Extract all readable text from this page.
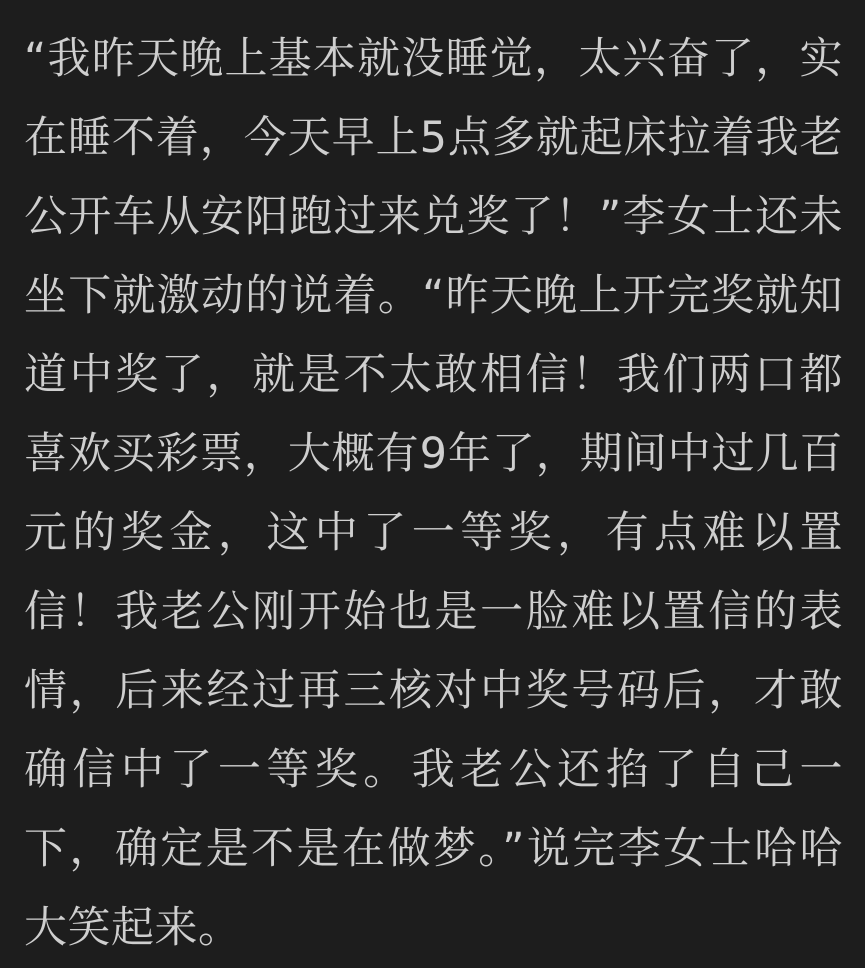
“我昨天晚上基本就没睡觉，太兴奋了，实在睡不着，今天早上5点多就起床拉着我老公开车从安阳跑过来兑奖了！”李女士还未坐下就激动的说着。“昨天晚上开完奖就知道中奖了，就是不太敢相信！我们两口都喜欢买彩票，大概有9年了，期间中过几百元的奖金，这中了一等奖，有点难以置信！我老公刚开始也是一脸难以置信的表情，后来经过再三核对中奖号码后，才敢确信中了一等奖。我老公还掐了自己一下，确定是不是在做梦。”说完李女士哈哈大笑起来。
